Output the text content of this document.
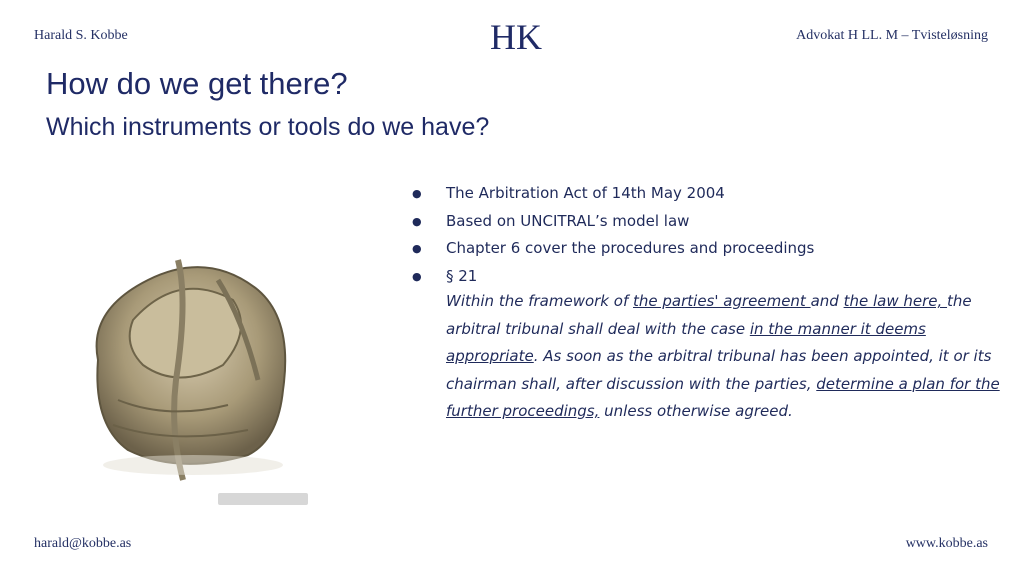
Harald S. Kobbe	HK	Advokat H LL. M – Tvisteløsning
How do we get there?
Which instruments or tools do we have?
● The Arbitration Act of 14th May 2004
● Based on UNCITRAL’s model law
● Chapter 6 cover the procedures and proceedings
● § 21
Within the framework of the parties' agreement and the law here, the arbitral tribunal shall deal with the case in the manner it deems appropriate. As soon as the arbitral tribunal has been appointed, it or its chairman shall, after discussion with the parties, determine a plan for the further proceedings, unless otherwise agreed.
harald@kobbe.as	www.kobbe.as
